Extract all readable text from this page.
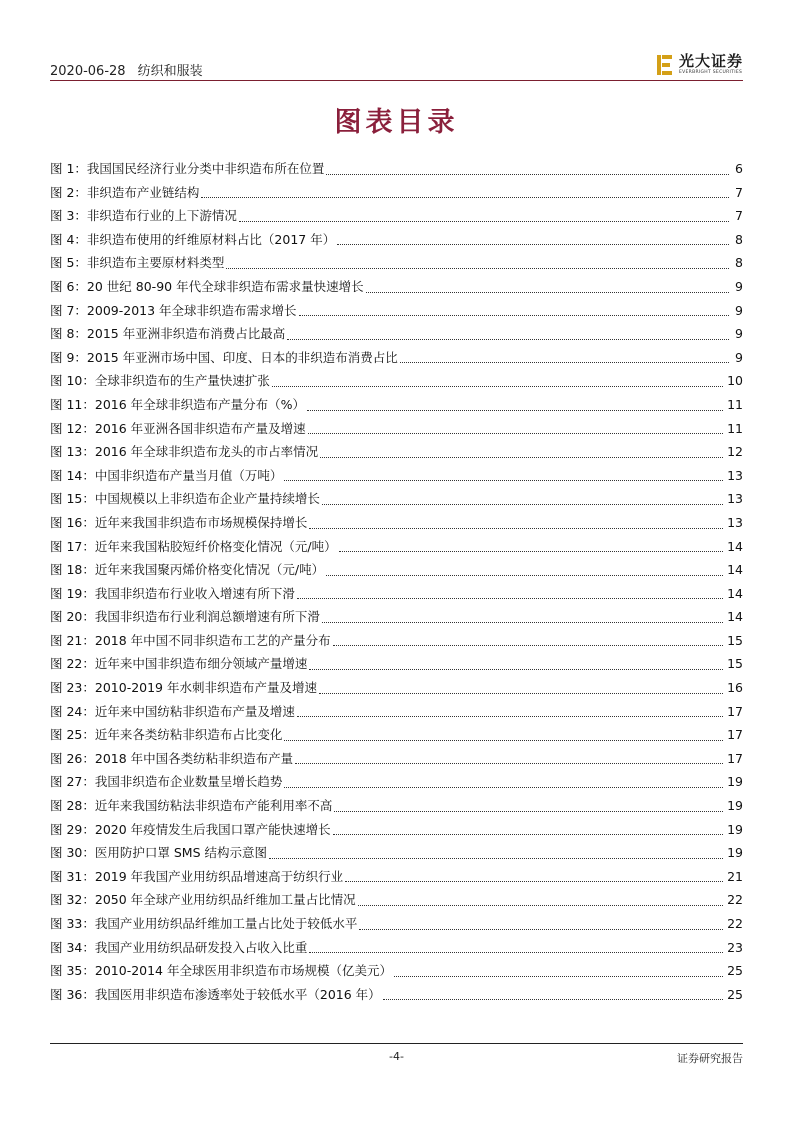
2020-06-28 纺织和服装
光大证券
EVERBRIGHT SECURITIES
图表目录
图 1：我国国民经济行业分类中非织造布所在位置	6
图 2：非织造布产业链结构	7
图 3：非织造布行业的上下游情况	7
图 4：非织造布使用的纤维原材料占比（2017 年）	8
图 5：非织造布主要原材料类型	8
图 6：20 世纪 80-90 年代全球非织造布需求量快速增长	9
图 7：2009-2013 年全球非织造布需求增长	9
图 8：2015 年亚洲非织造布消费占比最高	9
图 9：2015 年亚洲市场中国、印度、日本的非织造布消费占比	9
图 10：全球非织造布的生产量快速扩张	10
图 11：2016 年全球非织造布产量分布（%）	11
图 12：2016 年亚洲各国非织造布产量及增速	11
图 13：2016 年全球非织造布龙头的市占率情况	12
图 14：中国非织造布产量当月值（万吨）	13
图 15：中国规模以上非织造布企业产量持续增长	13
图 16：近年来我国非织造布市场规模保持增长	13
图 17：近年来我国粘胶短纤价格变化情况（元/吨）	14
图 18：近年来我国聚丙烯价格变化情况（元/吨）	14
图 19：我国非织造布行业收入增速有所下滑	14
图 20：我国非织造布行业利润总额增速有所下滑	14
图 21：2018 年中国不同非织造布工艺的产量分布	15
图 22：近年来中国非织造布细分领域产量增速	15
图 23：2010-2019 年水刺非织造布产量及增速	16
图 24：近年来中国纺粘非织造布产量及增速	17
图 25：近年来各类纺粘非织造布占比变化	17
图 26：2018 年中国各类纺粘非织造布产量	17
图 27：我国非织造布企业数量呈增长趋势	19
图 28：近年来我国纺粘法非织造布产能利用率不高	19
图 29：2020 年疫情发生后我国口罩产能快速增长	19
图 30：医用防护口罩 SMS 结构示意图	19
图 31：2019 年我国产业用纺织品增速高于纺织行业	21
图 32：2050 年全球产业用纺织品纤维加工量占比情况	22
图 33：我国产业用纺织品纤维加工量占比处于较低水平	22
图 34：我国产业用纺织品研发投入占收入比重	23
图 35：2010-2014 年全球医用非织造布市场规模（亿美元）	25
图 36：我国医用非织造布渗透率处于较低水平（2016 年）	25
-4-	证券研究报告
